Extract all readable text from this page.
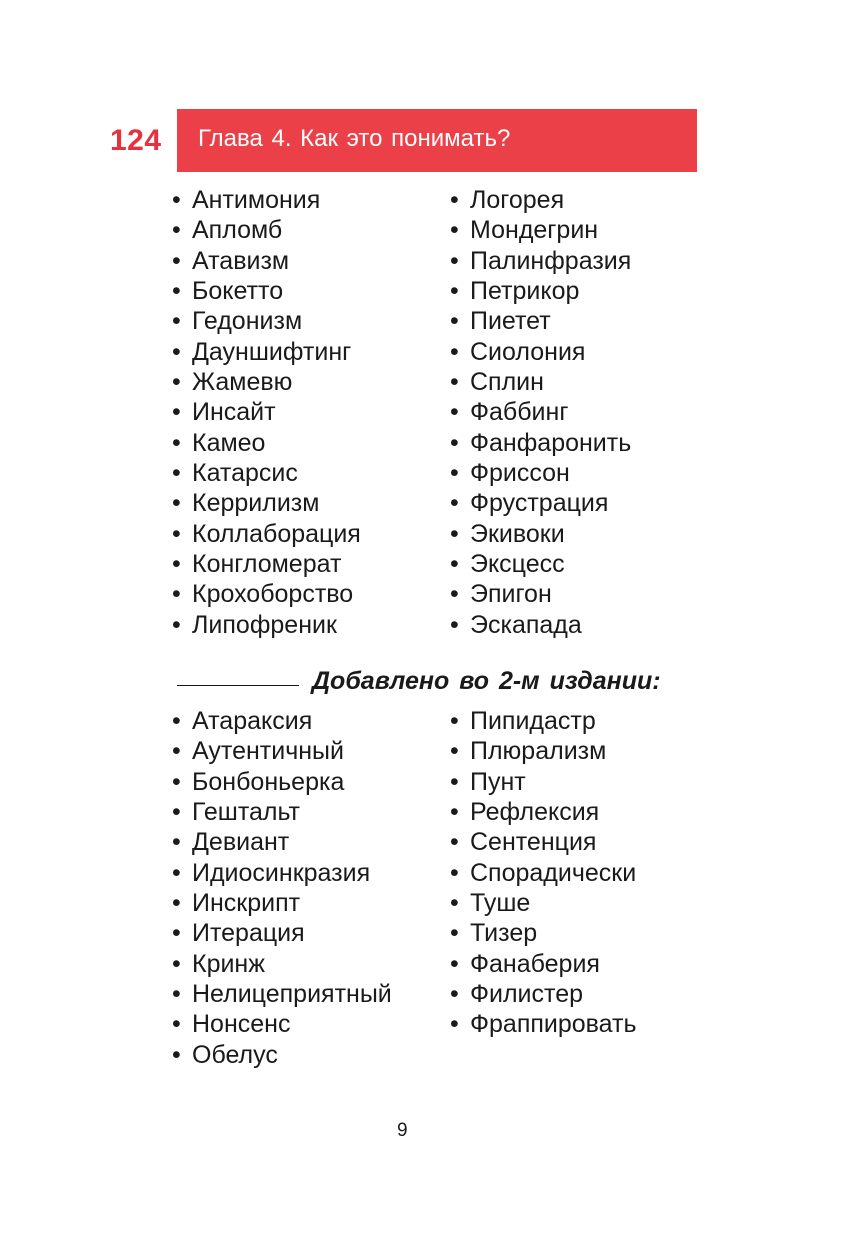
124 Глава 4. Как это понимать?
• Антимония
• Апломб
• Атавизм
• Бокетто
• Гедонизм
• Дауншифтинг
• Жамевю
• Инсайт
• Камео
• Катарсис
• Керрилизм
• Коллаборация
• Конгломерат
• Крохоборство
• Липофреник
• Логорея
• Мондегрин
• Палинфразия
• Петрикор
• Пиетет
• Сиолония
• Сплин
• Фаббинг
• Фанфаронить
• Фриссон
• Фрустрация
• Экивоки
• Эксцесс
• Эпигон
• Эскапада
Добавлено во 2-м издании:
• Атараксия
• Аутентичный
• Бонбоньерка
• Гештальт
• Девиант
• Идиосинкразия
• Инскрипт
• Итерация
• Кринж
• Нелицеприятный
• Нонсенс
• Обелус
• Пипидастр
• Плюрализм
• Пунт
• Рефлексия
• Сентенция
• Спорадически
• Туше
• Тизер
• Фанаберия
• Филистер
• Фраппировать
9
